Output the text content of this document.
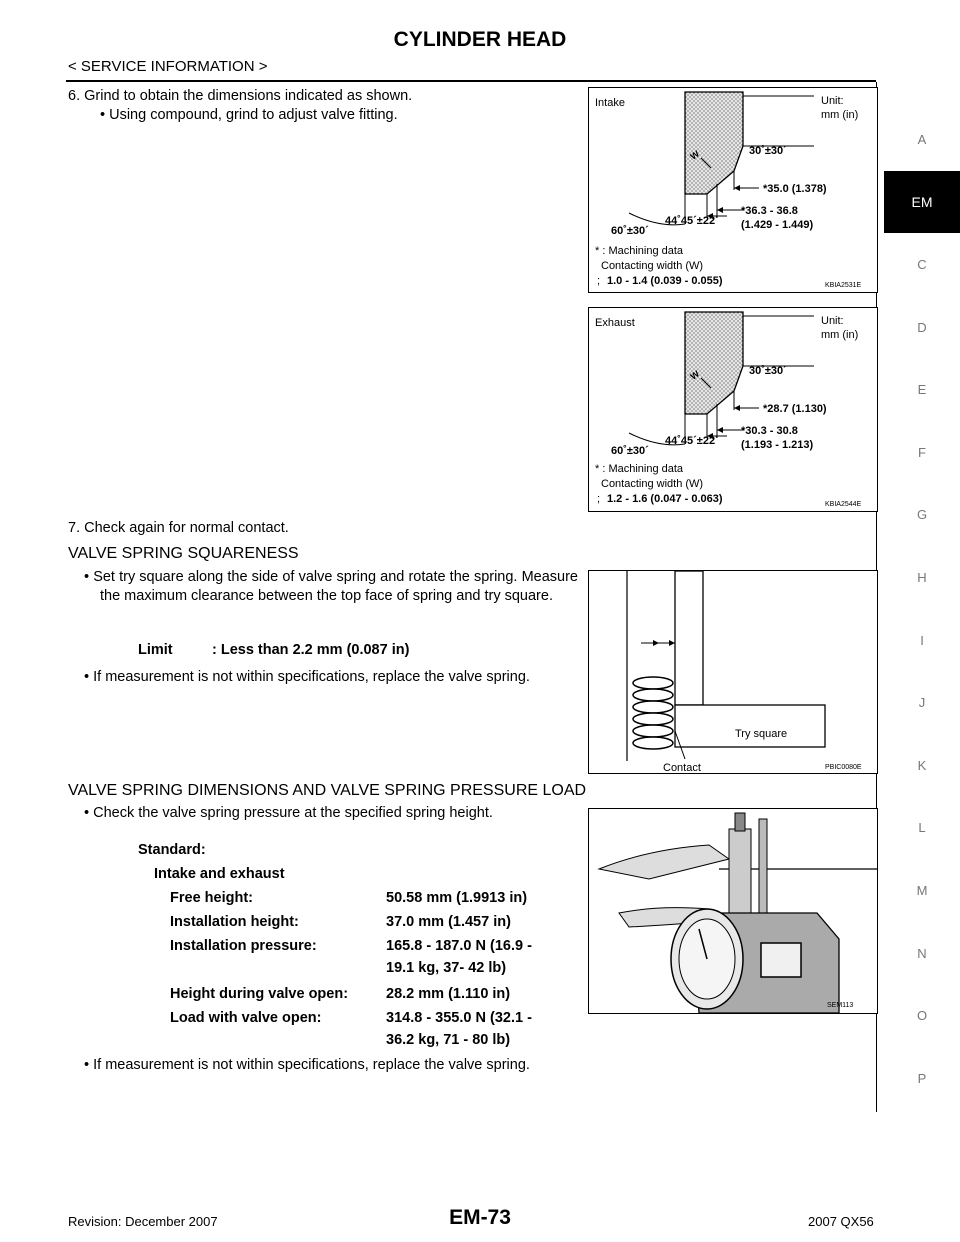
CYLINDER HEAD
< SERVICE INFORMATION >
A
EM
C
D
E
F
G
H
I
J
K
L
M
N
O
P
6. Grind to obtain the dimensions indicated as shown.
• Using compound, grind to adjust valve fitting.
Intake	Unit:
mm (in)
W	30˚±30´
*35.0 (1.378)
*36.3 - 36.8
(1.429 - 1.449)
44˚45´±22´
60˚±30´
* : Machining data
Contacting width (W)
; 1.0 - 1.4 (0.039 - 0.055)	KBIA2531E
Exhaust	Unit:
mm (in)
W	30˚±30´
*28.7 (1.130)
*30.3 - 30.8
(1.193 - 1.213)
44˚45´±22´
60˚±30´
* : Machining data
Contacting width (W)
; 1.2 - 1.6 (0.047 - 0.063)	KBIA2544E
7. Check again for normal contact.
VALVE SPRING SQUARENESS
• Set try square along the side of valve spring and rotate the spring. Measure the maximum clearance between the top face of spring and try square.
Limit	: Less than 2.2 mm (0.087 in)
• If measurement is not within specifications, replace the valve spring.
Try square
Contact	PBIC0080E
VALVE SPRING DIMENSIONS AND VALVE SPRING PRESSURE LOAD
• Check the valve spring pressure at the specified spring height.
Standard:
Intake and exhaust
Free height:	50.58 mm (1.9913 in)
Installation height:	37.0 mm (1.457 in)
Installation pressure:	165.8 - 187.0 N (16.9 -
19.1 kg, 37- 42 lb)
Height during valve open:	28.2 mm (1.110 in)
Load with valve open:	314.8 - 355.0 N (32.1 -
36.2 kg, 71 - 80 lb)
• If measurement is not within specifications, replace the valve spring.
SEM113
Revision: December 2007	EM-73	2007 QX56
